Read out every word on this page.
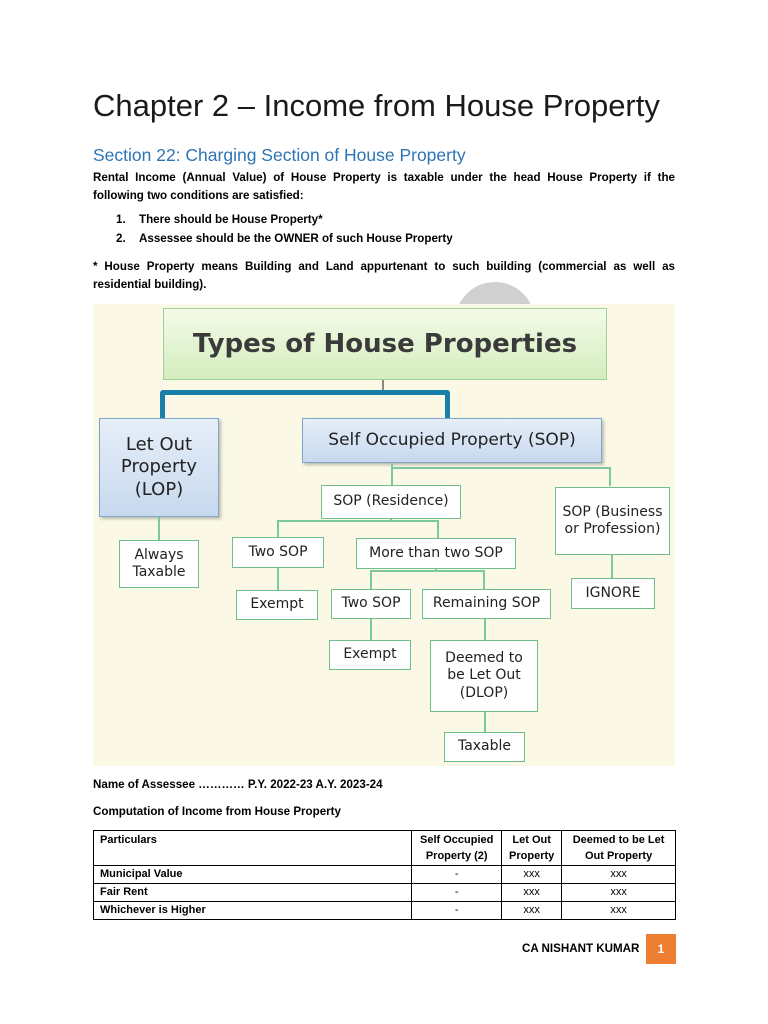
Chapter 2 – Income from House Property
Section 22: Charging Section of House Property
Rental Income (Annual Value) of House Property is taxable under the head House Property if the following two conditions are satisfied:
1. There should be House Property*
2. Assessee should be the OWNER of such House Property
* House Property means Building and Land appurtenant to such building (commercial as well as residential building).
Types of House Properties
Let Out Property (LOP)
Self Occupied Property (SOP)
SOP (Residence)
SOP (Business or Profession)
Always Taxable
Two SOP	More than two SOP
IGNORE
Exempt	Two SOP	Remaining SOP
Exempt	Deemed to be Let Out (DLOP)
Taxable
Name of Assessee ………… P.Y. 2022-23 A.Y. 2023-24
Computation of Income from House Property
Particulars	Self Occupied Property (2)	Let Out Property	Deemed to be Let Out Property
Municipal Value	-	xxx	xxx
Fair Rent	-	xxx	xxx
Whichever is Higher	-	xxx	xxx
CA NISHANT KUMAR	1
